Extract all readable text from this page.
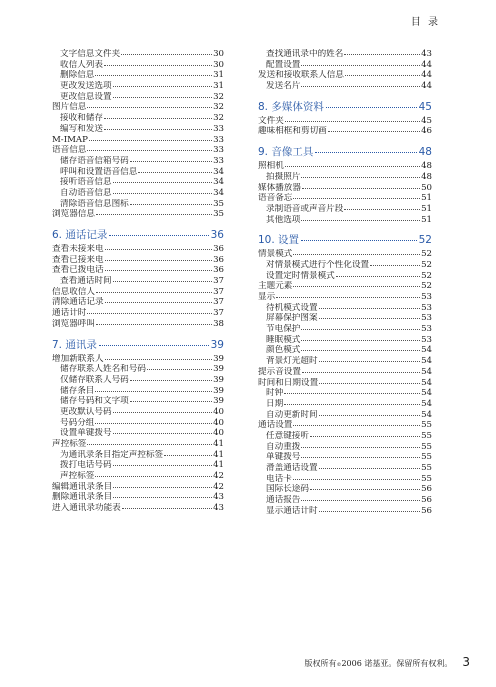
目 录
文字信息文件夹	30
收信人列表	30
删除信息	31
更改发送选项	31
更改信息设置	32
图片信息	32
接收和储存	32
编写和发送	33
M-IMAP	33
语音信息	33
储存语音信箱号码	33
呼叫和设置语音信息	34
接听语音信息	34
自动语音信息	34
清除语音信息图标	35
浏览器信息	35
6. 通话记录	36
查看未接来电	36
查看已接来电	36
查看已拨电话	36
查看通话时间	37
信息收信人	37
清除通话记录	37
通话计时	37
浏览器呼叫	38
7. 通讯录	39
增加新联系人	39
储存联系人姓名和号码	39
仅储存联系人号码	39
储存条目	39
储存号码和文字项	39
更改默认号码	40
号码分组	40
设置单键拨号	40
声控标签	41
为通讯录条目指定声控标签	41
拨打电话号码	41
声控标签	42
编辑通讯录条目	42
删除通讯录条目	43
进入通讯录功能表	43
查找通讯录中的姓名	43
配置设置	44
发送和接收联系人信息	44
发送名片	44
8. 多媒体资料	45
文件夹	45
趣味相框和剪切画	46
9. 音像工具	48
照相机	48
拍摄照片	48
媒体播放器	50
语音备忘	51
录制语音或声音片段	51
其他选项	51
10. 设置	52
情景模式	52
对情景模式进行个性化设置	52
设置定时情景模式	52
主题元素	52
显示	53
待机模式设置	53
屏幕保护图案	53
节电保护	53
睡眠模式	53
颜色模式	54
背景灯光超时	54
提示音设置	54
时间和日期设置	54
时钟	54
日期	54
自动更新时间	54
通话设置	55
任意键接听	55
自动重拨	55
单键拨号	55
滑盖通话设置	55
电话卡	55
国际长途码	56
通话报告	56
显示通话计时	56
版权所有 © 2006 诺基亚。保留所有权利。 3
